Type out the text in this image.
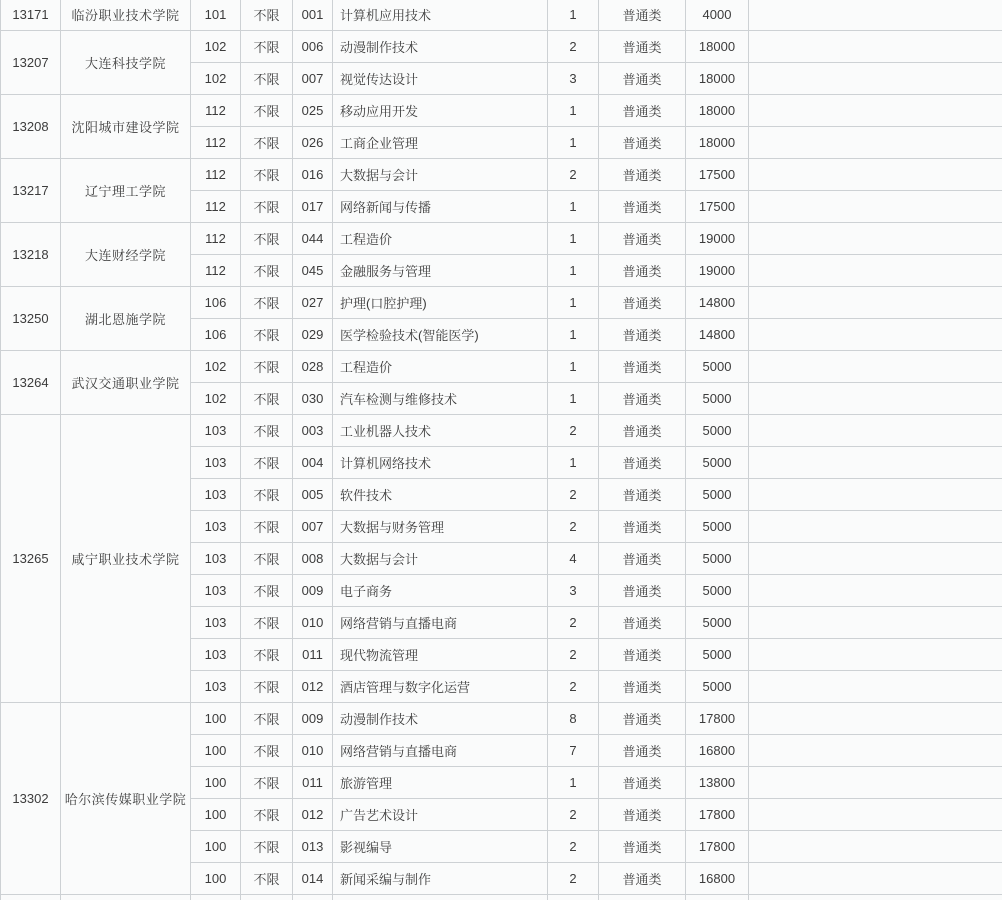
13171	临汾职业技术学院	101	不限	001	计算机应用技术	1	普通类	4000	
13207	大连科技学院	102	不限	006	动漫制作技术	2	普通类	18000	
		102	不限	007	视觉传达设计	3	普通类	18000	
13208	沈阳城市建设学院	112	不限	025	移动应用开发	1	普通类	18000	
		112	不限	026	工商企业管理	1	普通类	18000	
13217	辽宁理工学院	112	不限	016	大数据与会计	2	普通类	17500	
		112	不限	017	网络新闻与传播	1	普通类	17500	
13218	大连财经学院	112	不限	044	工程造价	1	普通类	19000	
		112	不限	045	金融服务与管理	1	普通类	19000	
13250	湖北恩施学院	106	不限	027	护理(口腔护理)	1	普通类	14800	
		106	不限	029	医学检验技术(智能医学)	1	普通类	14800	
13264	武汉交通职业学院	102	不限	028	工程造价	1	普通类	5000	
		102	不限	030	汽车检测与维修技术	1	普通类	5000	
13265	咸宁职业技术学院	103	不限	003	工业机器人技术	2	普通类	5000	
		103	不限	004	计算机网络技术	1	普通类	5000	
		103	不限	005	软件技术	2	普通类	5000	
		103	不限	007	大数据与财务管理	2	普通类	5000	
		103	不限	008	大数据与会计	4	普通类	5000	
		103	不限	009	电子商务	3	普通类	5000	
		103	不限	010	网络营销与直播电商	2	普通类	5000	
		103	不限	011	现代物流管理	2	普通类	5000	
		103	不限	012	酒店管理与数字化运营	2	普通类	5000	
13302	哈尔滨传媒职业学院	100	不限	009	动漫制作技术	8	普通类	17800	
		100	不限	010	网络营销与直播电商	7	普通类	16800	
		100	不限	011	旅游管理	1	普通类	13800	
		100	不限	012	广告艺术设计	2	普通类	17800	
		100	不限	013	影视编导	2	普通类	17800	
		100	不限	014	新闻采编与制作	2	普通类	16800	
